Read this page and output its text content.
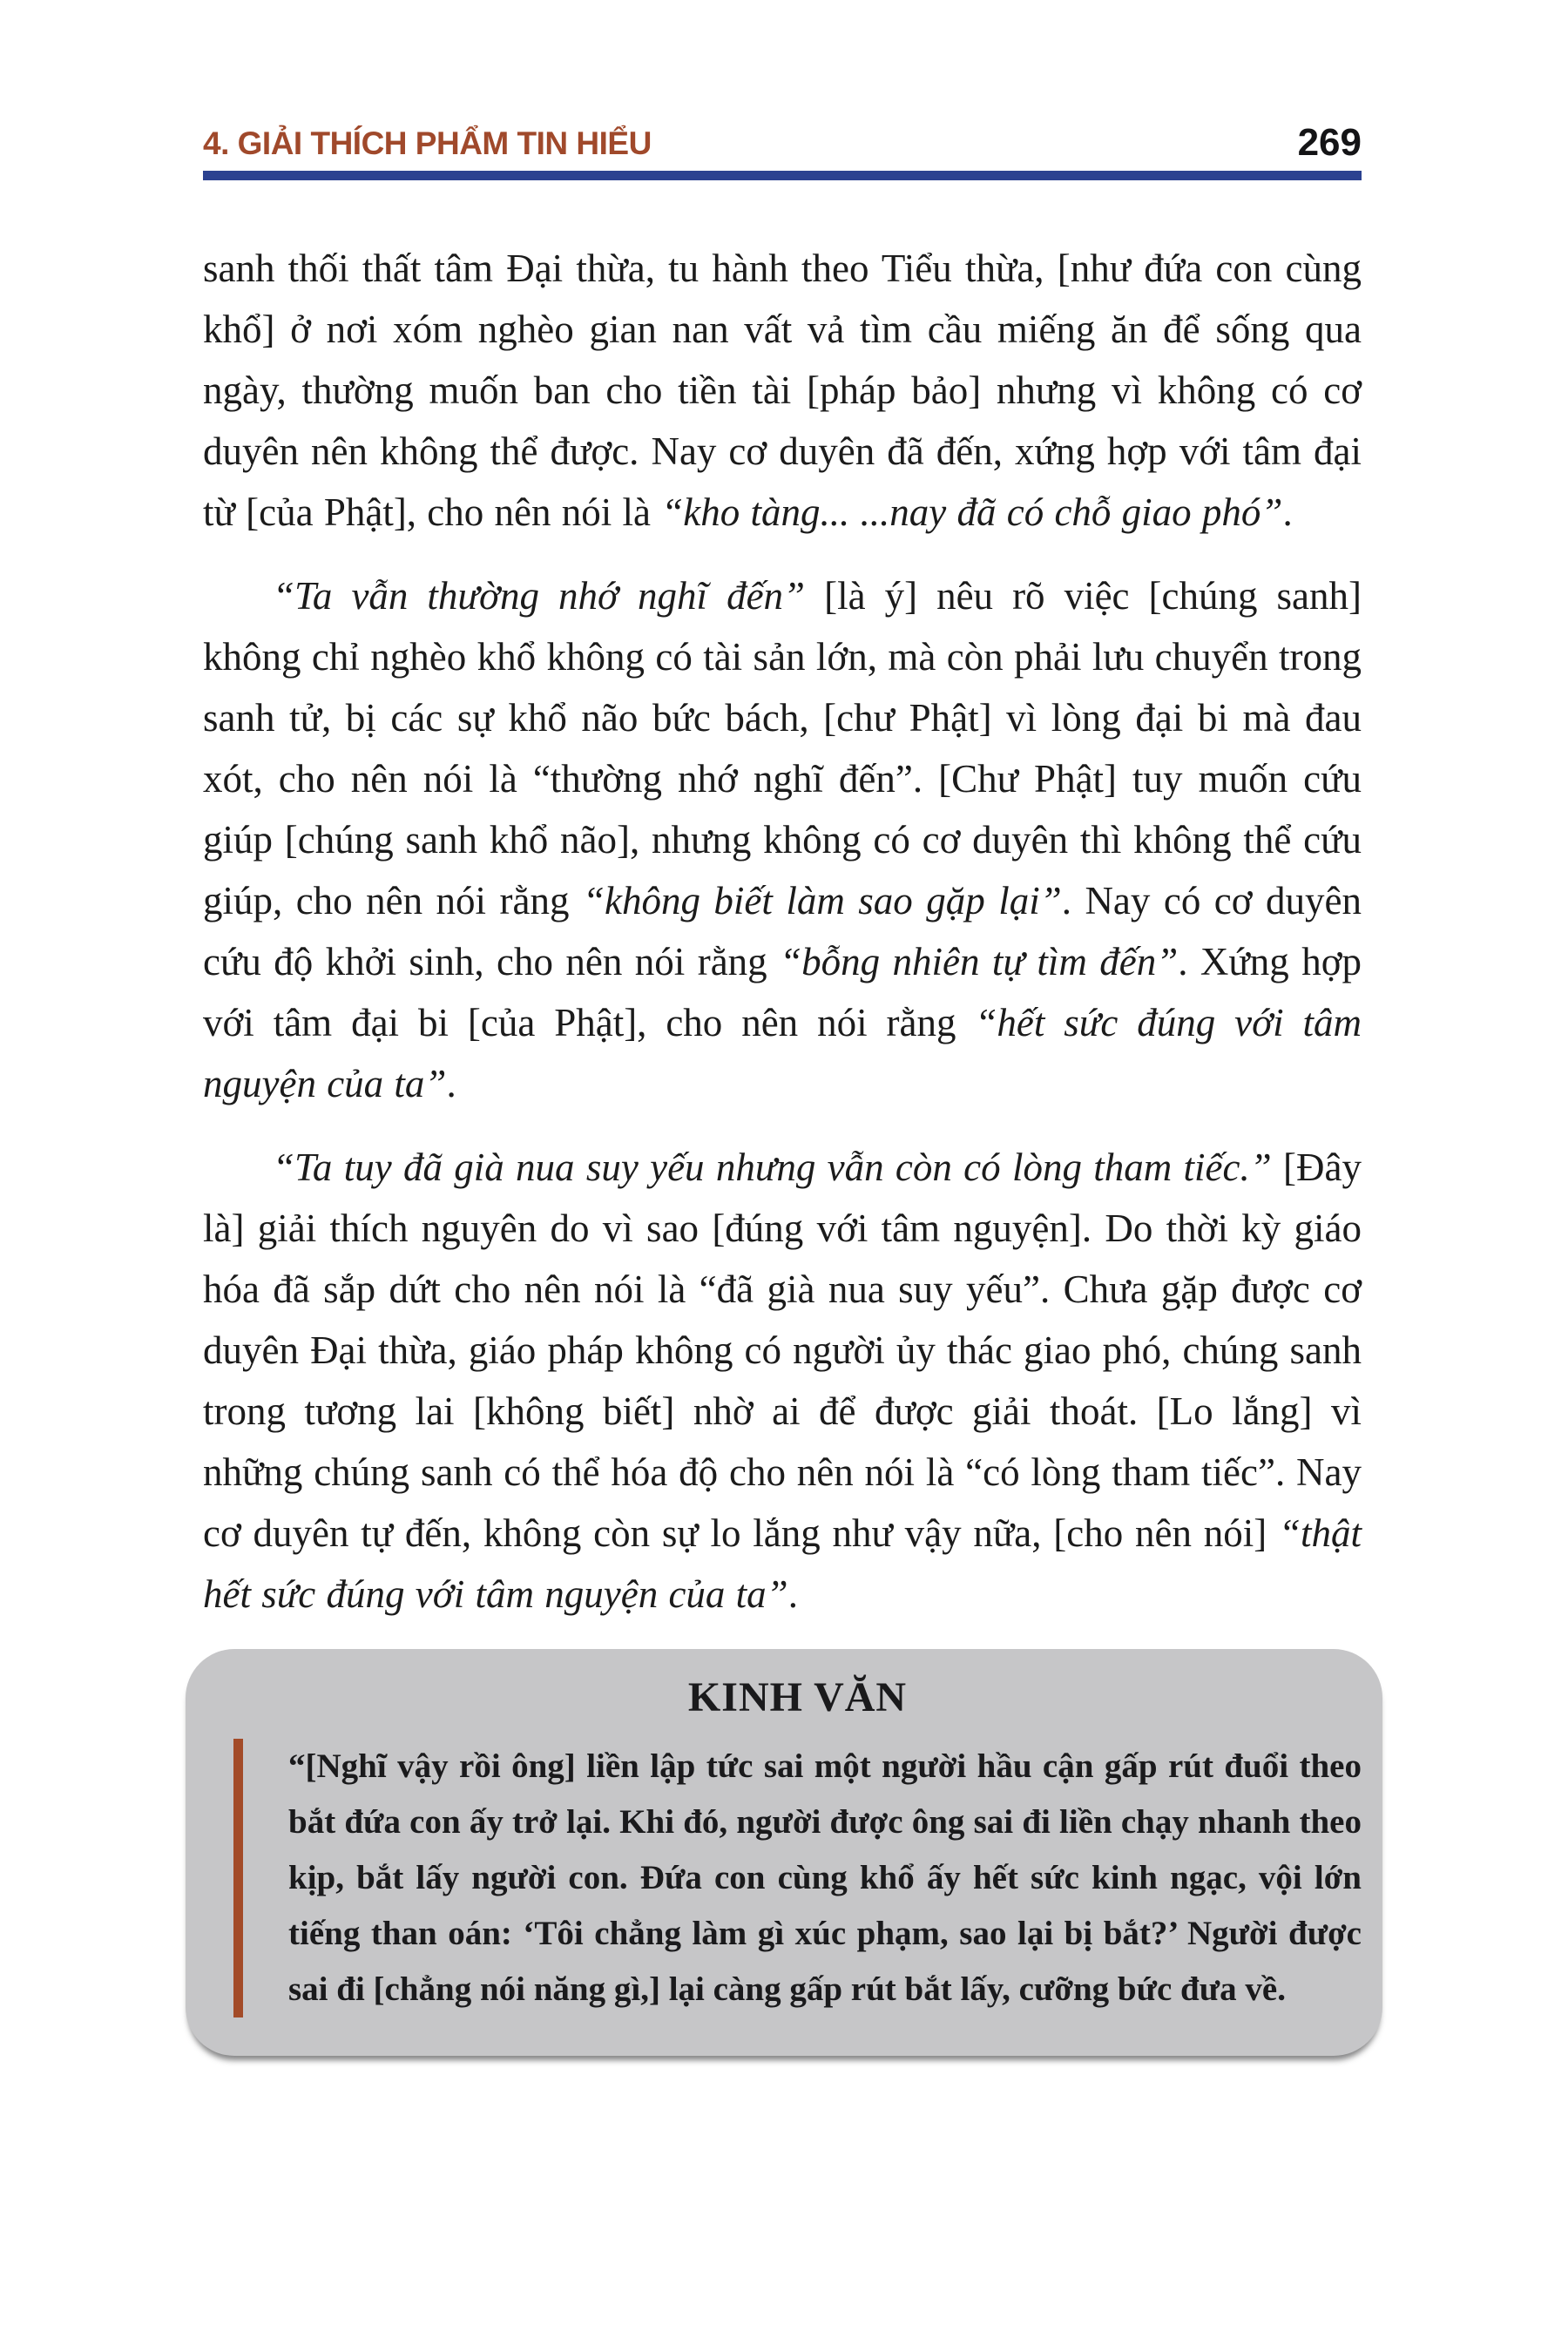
4. GIẢI THÍCH PHẨM TIN HIỂU	269

sanh thối thất tâm Đại thừa, tu hành theo Tiểu thừa, [như đứa con cùng khổ] ở nơi xóm nghèo gian nan vất vả tìm cầu miếng ăn để sống qua ngày, thường muốn ban cho tiền tài [pháp bảo] nhưng vì không có cơ duyên nên không thể được. Nay cơ duyên đã đến, xứng hợp với tâm đại từ [của Phật], cho nên nói là “kho tàng... ...nay đã có chỗ giao phó”.

“Ta vẫn thường nhớ nghĩ đến” [là ý] nêu rõ việc [chúng sanh] không chỉ nghèo khổ không có tài sản lớn, mà còn phải lưu chuyển trong sanh tử, bị các sự khổ não bức bách, [chư Phật] vì lòng đại bi mà đau xót, cho nên nói là “thường nhớ nghĩ đến”. [Chư Phật] tuy muốn cứu giúp [chúng sanh khổ não], nhưng không có cơ duyên thì không thể cứu giúp, cho nên nói rằng “không biết làm sao gặp lại”. Nay có cơ duyên cứu độ khởi sinh, cho nên nói rằng “bỗng nhiên tự tìm đến”. Xứng hợp với tâm đại bi [của Phật], cho nên nói rằng “hết sức đúng với tâm nguyện của ta”.

“Ta tuy đã già nua suy yếu nhưng vẫn còn có lòng tham tiếc.” [Đây là] giải thích nguyên do vì sao [đúng với tâm nguyện]. Do thời kỳ giáo hóa đã sắp dứt cho nên nói là “đã già nua suy yếu”. Chưa gặp được cơ duyên Đại thừa, giáo pháp không có người ủy thác giao phó, chúng sanh trong tương lai [không biết] nhờ ai để được giải thoát. [Lo lắng] vì những chúng sanh có thể hóa độ cho nên nói là “có lòng tham tiếc”. Nay cơ duyên tự đến, không còn sự lo lắng như vậy nữa, [cho nên nói] “thật hết sức đúng với tâm nguyện của ta”.

KINH VĂN
“[Nghĩ vậy rồi ông] liền lập tức sai một người hầu cận gấp rút đuổi theo bắt đứa con ấy trở lại. Khi đó, người được ông sai đi liền chạy nhanh theo kịp, bắt lấy người con. Đứa con cùng khổ ấy hết sức kinh ngạc, vội lớn tiếng than oán: ‘Tôi chẳng làm gì xúc phạm, sao lại bị bắt?’ Người được sai đi [chẳng nói năng gì,] lại càng gấp rút bắt lấy, cưỡng bức đưa về.
